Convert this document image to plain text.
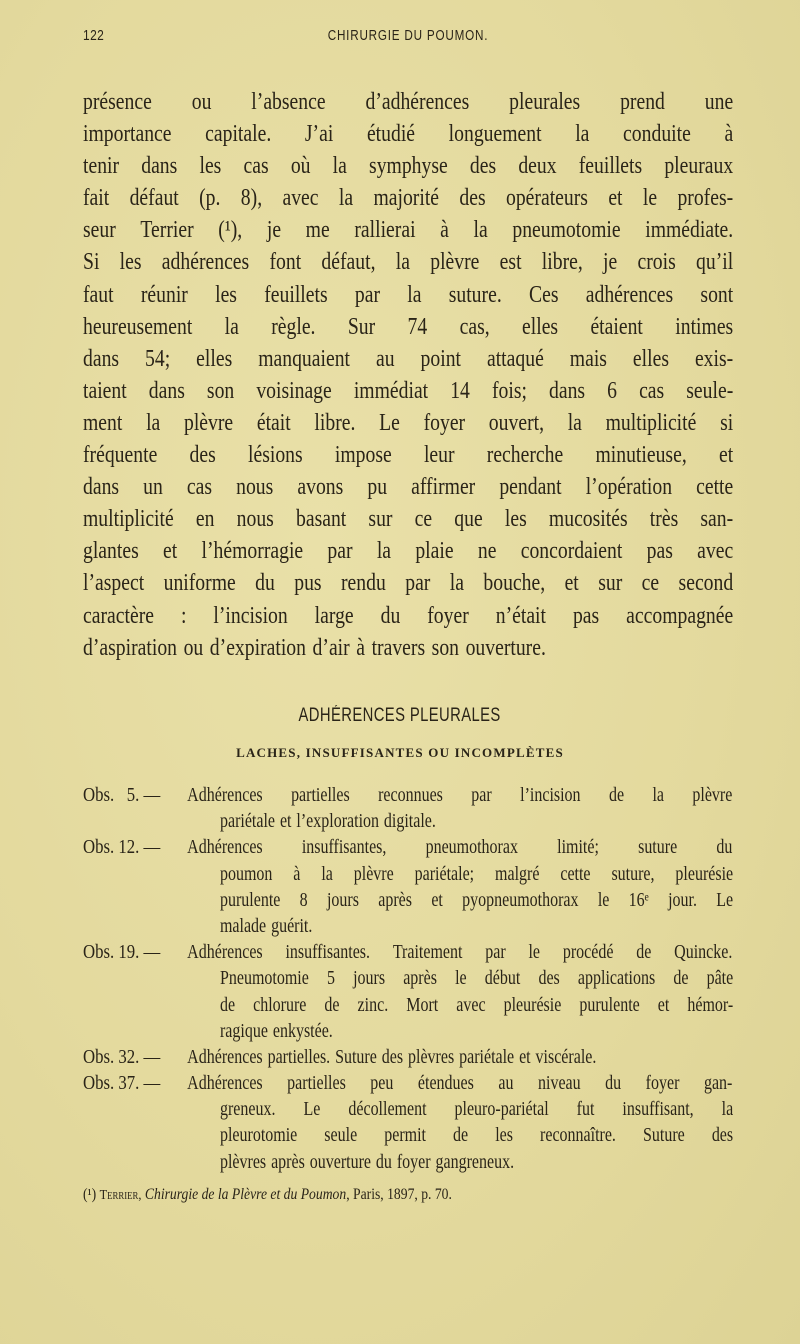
122	CHIRURGIE DU POUMON.
présence ou l’absence d’adhérences pleurales prend une
importance capitale. J’ai étudié longuement la conduite à
tenir dans les cas où la symphyse des deux feuillets pleuraux
fait défaut (p. 8), avec la majorité des opérateurs et le profes-
seur Terrier (¹), je me rallierai à la pneumotomie immédiate.
Si les adhérences font défaut, la plèvre est libre, je crois qu’il
faut réunir les feuillets par la suture. Ces adhérences sont
heureusement la règle. Sur 74 cas, elles étaient intimes
dans 54; elles manquaient au point attaqué mais elles exis-
taient dans son voisinage immédiat 14 fois; dans 6 cas seule-
ment la plèvre était libre. Le foyer ouvert, la multiplicité si
fréquente des lésions impose leur recherche minutieuse, et
dans un cas nous avons pu affirmer pendant l’opération cette
multiplicité en nous basant sur ce que les mucosités très san-
glantes et l’hémorragie par la plaie ne concordaient pas avec
l’aspect uniforme du pus rendu par la bouche, et sur ce second
caractère : l’incision large du foyer n’était pas accompagnée
d’aspiration ou d’expiration d’air à travers son ouverture.
ADHÉRENCES PLEURALES
LACHES, INSUFFISANTES OU INCOMPLÈTES
Obs.   5. —	Adhérences partielles reconnues par l’incision de la plèvre
pariétale et l’exploration digitale.
Obs. 12. —	Adhérences insuffisantes, pneumothorax limité; suture du
poumon à la plèvre pariétale; malgré cette suture, pleurésie
purulente 8 jours après et pyopneumothorax le 16ᵉ jour. Le
malade guérit.
Obs. 19. —	Adhérences insuffisantes. Traitement par le procédé de Quincke.
Pneumotomie 5 jours après le début des applications de pâte
de chlorure de zinc. Mort avec pleurésie purulente et hémor-
ragique enkystée.
Obs. 32. —	Adhérences partielles. Suture des plèvres pariétale et viscérale.
Obs. 37. —	Adhérences partielles peu étendues au niveau du foyer gan-
greneux. Le décollement pleuro-pariétal fut insuffisant, la
pleurotomie seule permit de les reconnaître. Suture des
plèvres après ouverture du foyer gangreneux.
(¹) Terrier, Chirurgie de la Plèvre et du Poumon, Paris, 1897, p. 70.
